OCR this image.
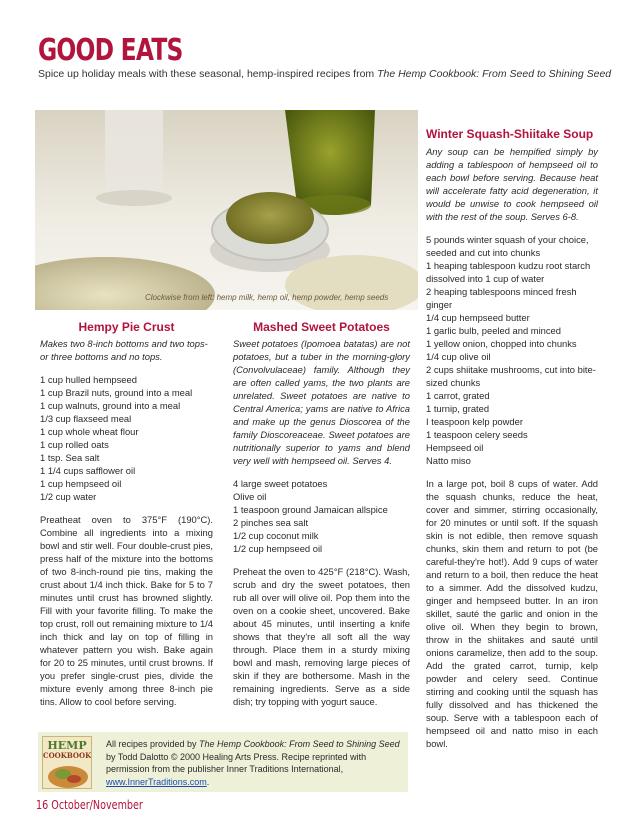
GOOD EATS
Spice up holiday meals with these seasonal, hemp-inspired recipes from The Hemp Cookbook: From Seed to Shining Seed
Clockwise from left: hemp milk, hemp oil, hemp powder, hemp seeds
Hempy Pie Crust
Makes two 8-inch bottoms and two tops-or three bottoms and no tops.
1 cup hulled hempseed
1 cup Brazil nuts, ground into a meal
1 cup walnuts, ground into a meal
1/3 cup flaxseed meal
1 cup whole wheat flour
1 cup rolled oats
1 tsp. Sea salt
1 1/4 cups safflower oil
1 cup hempseed oil
1/2 cup water

Preatheat oven to 375°F (190°C). Combine all ingredients into a mixing bowl and stir well. Four double-crust pies, press half of the mixture into the bottoms of two 8-inch-round pie tins, making the crust about 1/4 inch thick. Bake for 5 to 7 minutes until crust has browned slightly. Fill with your favorite filling. To make the top crust, roll out remaining mixture to 1/4 inch thick and lay on top of filling in whatever pattern you wish. Bake again for 20 to 25 minutes, until crust browns. If you prefer single-crust pies, divide the mixture evenly among three 8-inch pie tins. Allow to cool before serving.

Mashed Sweet Potatoes

Sweet potatoes (Ipomoea batatas) are not potatoes, but a tuber in the morning-glory (Convolvulaceae) family. Although they are often called yams, the two plants are unrelated. Sweet potatoes are native to Central America; yams are native to Africa and make up the genus Dioscorea of the family Dioscoreaceae. Sweet potatoes are nutritionally superior to yams and blend very well with hempseed oil. Serves 4.

4 large sweet potatoes
Olive oil
1 teaspoon ground Jamaican allspice
2 pinches sea salt
1/2 cup coconut milk
1/2 cup hempseed oil

Preheat the oven to 425°F (218°C). Wash, scrub and dry the sweet potatoes, then rub all over will olive oil. Pop them into the oven on a cookie sheet, uncovered. Bake about 45 minutes, until inserting a knife shows that they're all soft all the way through. Place them in a sturdy mixing bowl and mash, removing large pieces of skin if they are bothersome. Mash in the remaining ingredients. Serve as a side dish; try topping with yogurt sauce.

Winter Squash-Shiitake Soup

Any soup can be hempified simply by adding a tablespoon of hempseed oil to each bowl before serving. Because heat will accelerate fatty acid degeneration, it would be unwise to cook hempseed oil with the rest of the soup. Serves 6-8.

5 pounds winter squash of your choice, seeded and cut into chunks

1 heaping tablespoon kudzu root starch dissolved into 1 cup of water

2 heaping tablespoons minced fresh ginger

1/4 cup hempseed butter

1 garlic bulb, peeled and minced

1 yellow onion, chopped into chunks

1/4 cup olive oil

2 cups shiitake mushrooms, cut into bite-sized chunks

1 carrot, grated

1 turnip, grated

I teaspoon kelp powder

1 teaspoon celery seeds

Hempseed oil

Natto miso

In a large pot, boil 8 cups of water. Add the squash chunks, reduce the heat, cover and simmer, stirring occasionally, for 20 minutes or until soft. If the squash skin is not edible, then remove squash chunks, skin them and return to pot (be careful-they're hot!). Add 9 cups of water and return to a boil, then reduce the heat to a simmer. Add the dissolved kudzu, ginger and hempseed butter. In an iron skillet, sauté the garlic and onion in the olive oil. When they begin to brown, throw in the shiitakes and sauté until onions caramelize, then add to the soup. Add the grated carrot, turnip, kelp powder and celery seed. Continue stirring and cooking until the squash has fully dissolved and has thickened the soup. Serve with a tablespoon each of hempseed oil and natto miso in each bowl.

HEMP
COOKBOOK
All recipes provided by The Hemp Cookbook: From Seed to Shining Seed by Todd Dalotto © 2000 Healing Arts Press. Recipe reprinted with permission from the publisher Inner Traditions International, www.InnerTraditions.com.
16 October/November
